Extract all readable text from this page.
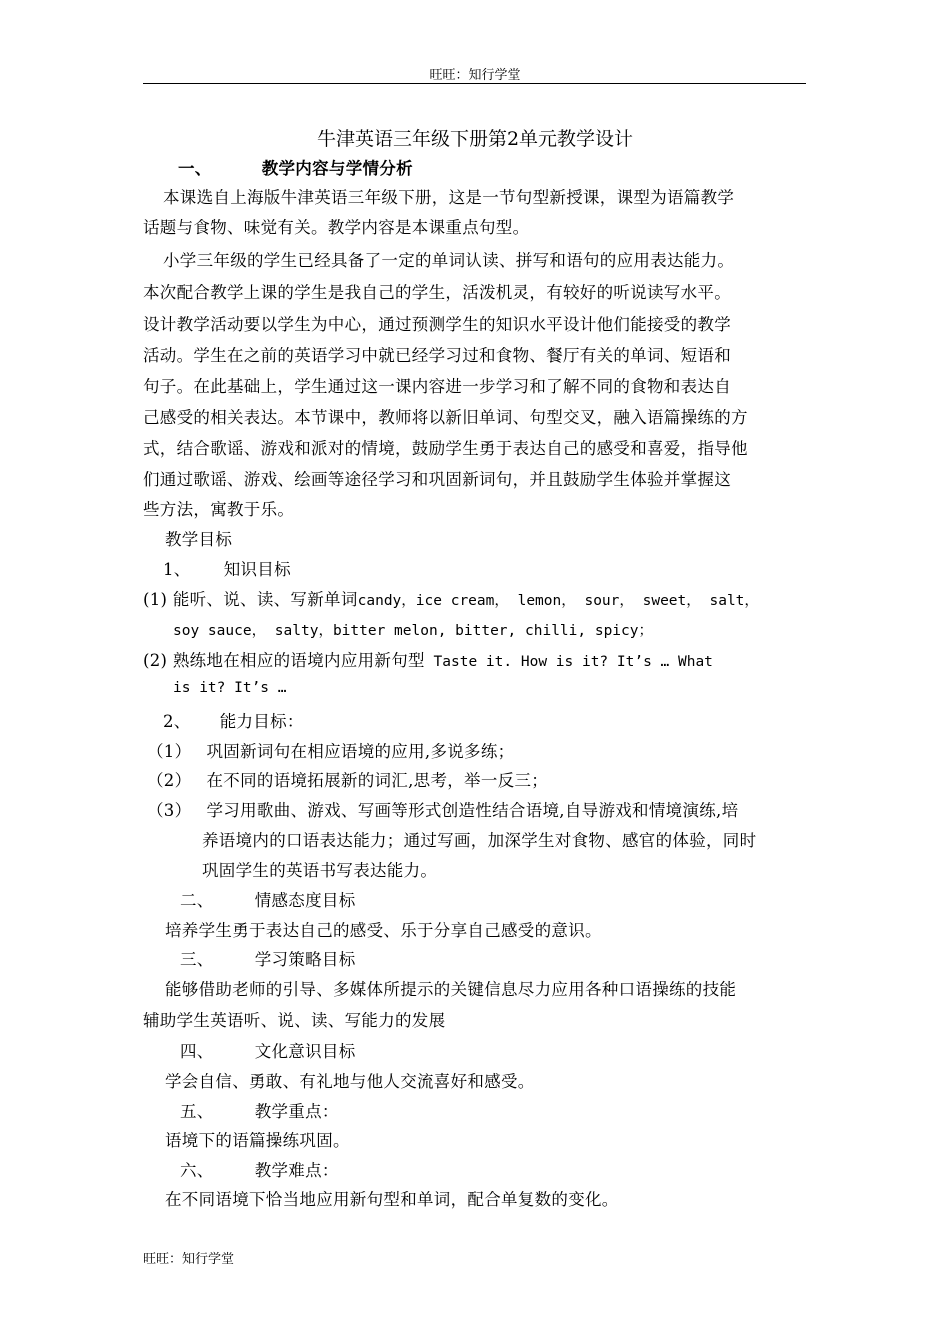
旺旺：知行学堂
牛津英语三年级下册第2单元教学设计
一、	教学内容与学情分析
本课选自上海版牛津英语三年级下册，这是一节句型新授课，课型为语篇教学
话题与食物、味觉有关。教学内容是本课重点句型。
小学三年级的学生已经具备了一定的单词认读、拼写和语句的应用表达能力。
本次配合教学上课的学生是我自己的学生，活泼机灵，有较好的听说读写水平。
设计教学活动要以学生为中心，通过预测学生的知识水平设计他们能接受的教学
活动。学生在之前的英语学习中就已经学习过和食物、餐厅有关的单词、短语和
句子。在此基础上，学生通过这一课内容进一步学习和了解不同的食物和表达自
己感受的相关表达。本节课中，教师将以新旧单词、句型交叉，融入语篇操练的方
式，结合歌谣、游戏和派对的情境，鼓励学生勇于表达自己的感受和喜爱，指导他
们通过歌谣、游戏、绘画等途径学习和巩固新词句，并且鼓励学生体验并掌握这
些方法，寓教于乐。
教学目标
1、 知识目标
(1) 能听、说、读、写新单词candy，ice cream， lemon， sour， sweet， salt，
soy sauce， salty，bitter melon, bitter, chilli, spicy；
(2) 熟练地在相应的语境内应用新句型 Taste it. How is it? It’s … What
is it? It’s …
2、 能力目标：
（1） 巩固新词句在相应语境的应用,多说多练；
（2） 在不同的语境拓展新的词汇,思考，举一反三；
（3） 学习用歌曲、游戏、写画等形式创造性结合语境,自导游戏和情境演练,培
养语境内的口语表达能力；通过写画，加深学生对食物、感官的体验，同时
巩固学生的英语书写表达能力。
二、 情感态度目标
培养学生勇于表达自己的感受、乐于分享自己感受的意识。
三、 学习策略目标
能够借助老师的引导、多媒体所提示的关键信息尽力应用各种口语操练的技能
辅助学生英语听、说、读、写能力的发展
四、 文化意识目标
学会自信、勇敢、有礼地与他人交流喜好和感受。
五、 教学重点：
语境下的语篇操练巩固。
六、 教学难点：
在不同语境下恰当地应用新句型和单词，配合单复数的变化。
旺旺：知行学堂
